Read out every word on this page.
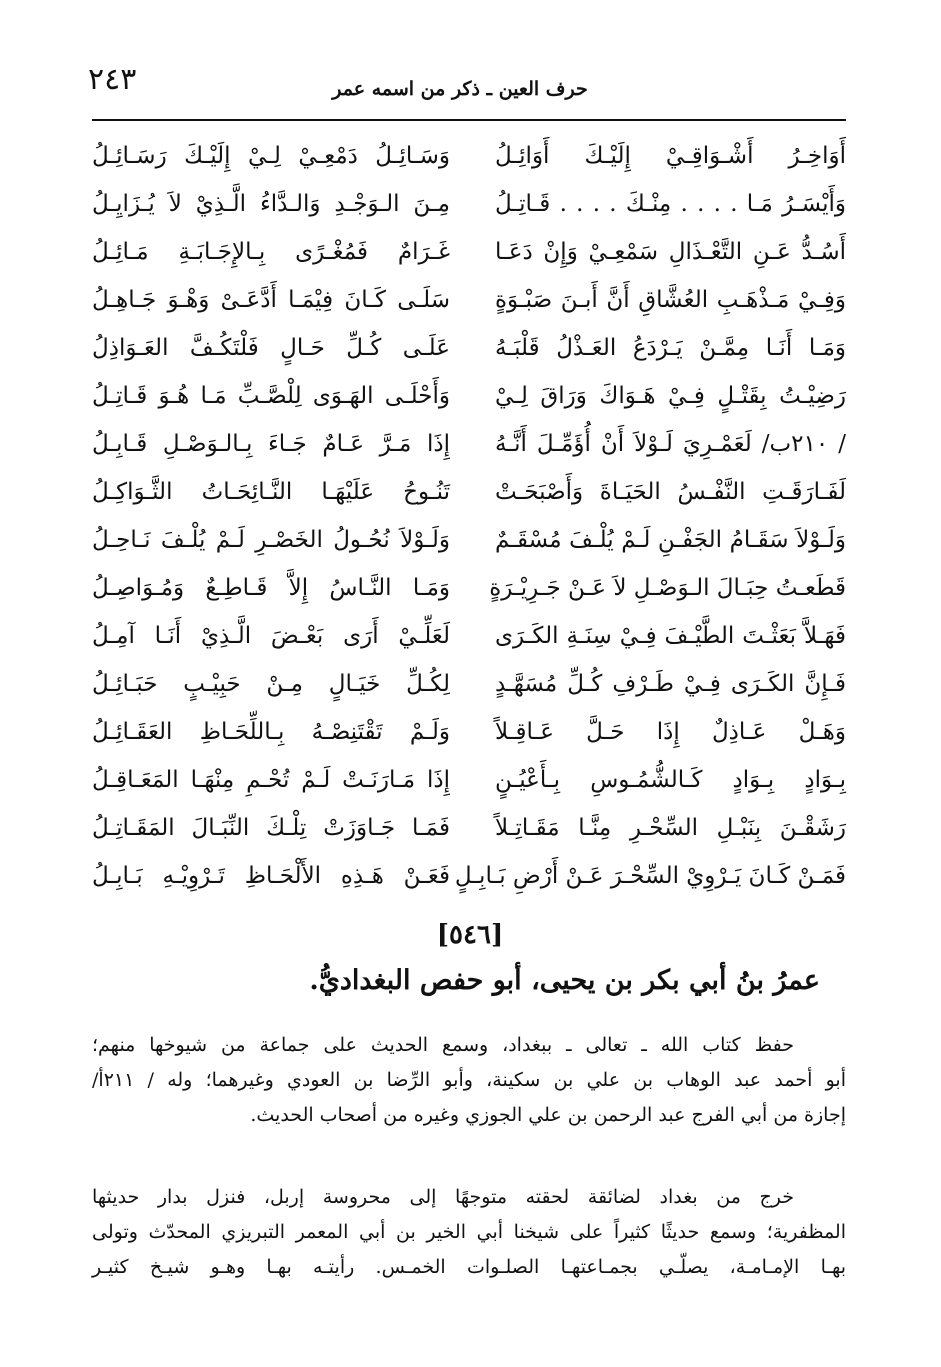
٢٤٣	حرف العين ـ ذكر من اسمه عمر
أَوَاخِـرُ أَشْـوَاقِـيْ إِلَيْـكَ أَوَائِـلُ
وَأَيْسَـرُ مَـا . . . . مِنْـكَ . . . . قَـاتِـلُ
أَسُـدُّ عَـنِ التَّعْـذَالِ سَمْعِـيْ وَإِنْ دَعَـا
وَفِـيْ مَـذْهَـبِ العُشَّاقِ أَنَّ أَبـنَ صَبْـوَةٍ
وَمَـا أَنَـا مِمَّـنْ يَـرْدَعُ العَـذْلُ قَلْبَـهُ
رَضِيْـتُ بِقَتْـلٍ فِـيْ هَـوَاكَ وَرَاقَ لِـيْ
/ ٢١٠ب/ لَعَمْـرِيَ لَـوْلاَ أَنْ أُؤَمِّـلَ أَنَّـهُ
لَفَـارَقَـتِ النَّفْـسُ الحَيَـاةَ وَأَصْبَحَـتْ
وَلَـوْلاَ سَقَـامُ الجَفْـنِ لَـمْ يُلْـفَ مُسْقَـمٌ
قَطَعـتُ حِبَـالَ الـوَصْـلِ لاَ عَـنْ جَـرِيْـرَةٍ
فَهَـلاَّ بَعَثْـتَ الطَّيْـفَ فِـيْ سِنَـةِ الكَـرَى
فَـإِنَّ الكَـرَى فِـيْ طَـرْفِ كُـلِّ مُسَهَّـدٍ
وَهَـلْ عَـاذِلٌ إِذَا حَـلَّ عَـاقِـلاً
بِـوَادٍ بِـوَادٍ كَـالشُّمُـوسِ بِـأَعْيُـنٍ
رَشَقْـنَ بِنَبْـلِ السِّحْـرِ مِنَّـا مَقَـاتِـلاً
فَمَـنْ كَـانَ يَـرْوِيْ السِّحْـرَ عَـنْ أَرْضِ بَـابِـلٍ
وَسَـائِـلُ دَمْعِـيْ لِـيْ إِلَيْـكَ رَسَـائِـلُ
مِـنَ الـوَجْـدِ وَالـدَّاءُ الَّـذِيْ لاَ يُـزَايِـلُ
غَـرَامٌ فَمُغْـرًى بِـالإِجَـابَـةِ مَـائِـلُ
سَلَـى كَـانَ فِيْمَـا أَدَّعَـىْ وَهْـوَ جَـاهِـلُ
عَلَـى كُـلِّ حَـالٍ فَلْتَكُـفَّ العَـوَاذِلُ
وَأَحْلَـى الهَـوَى لِلْصَّـبِّ مَـا هُـوَ قَـاتِـلُ
إِذَا مَـرَّ عَـامٌ جَـاءَ بِـالـوَصْـلِ قَـابِـلُ
تَنُـوحُ عَلَيْهَـا النَّـائِحَـاتُ الثَّـوَاكِـلُ
وَلَـوْلاَ نُحُـولُ الخَصْـرِ لَـمْ يُلْـفَ نَـاحِـلُ
وَمَـا النَّـاسُ إِلاَّ قَـاطِـعٌ وَمُـوَاصِـلُ
لَعَلِّـيْ أَرَى بَعْـضَ الَّـذِيْ أَنَـا آمِـلُ
لِكُـلِّ خَيَـالٍ مِـنْ حَبِيْـبٍ حَبَـائِـلُ
وَلَـمْ تَقْتَنِصْـهُ بِـاللِّحَـاظِ العَقَـائِـلُ
إِذَا مَـارَنَـتْ لَـمْ تُحْـمِ مِنْهَـا المَعَـاقِـلُ
فَمَـا جَـاوَزَتْ تِلْـكَ النِّبَـالَ المَقَـاتِـلُ
فَعَـنْ هَـذِهِ الأَلْحَـاظِ تَـرْوِيْـهِ بَـابِـلُ
[٥٤٦]
عمرُ بنُ أبي بكر بن يحيى، أبو حفص البغداديُّ.
حفظ كتاب الله ـ تعالى ـ ببغداد، وسمع الحديث على جماعة من شيوخها منهم؛
أبو أحمد عبد الوهاب بن علي بن سكينة، وأبو الرِّضا بن العودي وغيرهما؛ وله / ٢١١أ/
إجازة من أبي الفرج عبد الرحمن بن علي الجوزي وغيره من أصحاب الحديث.
خرج من بغداد لضائقة لحقته متوجهًا إلى محروسة إربل، فنزل بدار حديثها
المظفرية؛ وسمع حديثًا كثيراً على شيخنا أبي الخير بن أبي المعمر التبريزي المحدّث وتولى
بهـا الإمـامـة، يصلّـي بجمـاعتهـا الصلـوات الخمـس. رأيتـه بهـا وهـو شيـخ كثيـر
